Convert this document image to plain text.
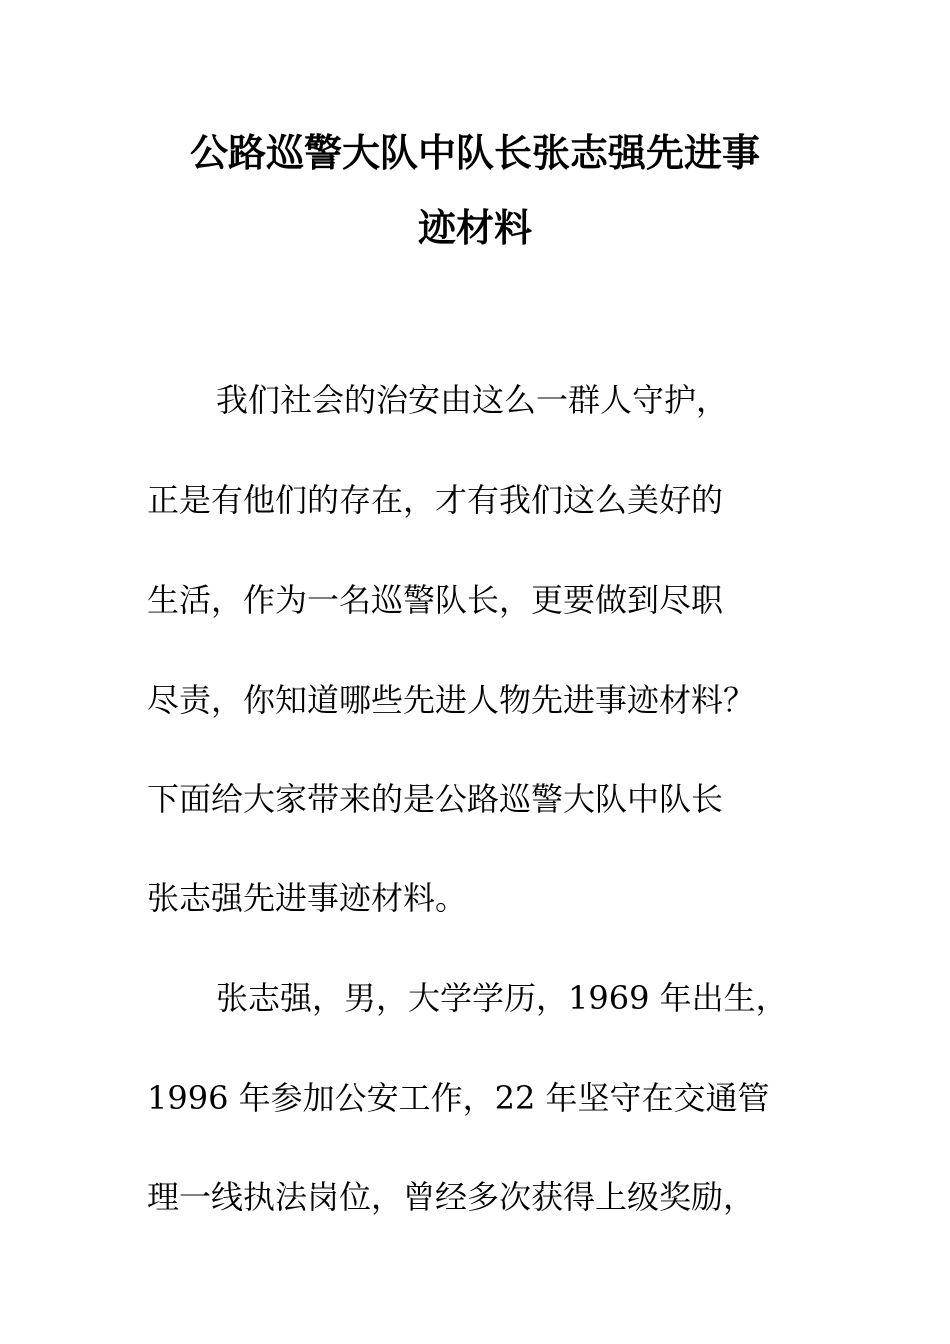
公路巡警大队中队长张志强先进事
迹材料
我们社会的治安由这么一群人守护，
正是有他们的存在，才有我们这么美好的
生活，作为一名巡警队长，更要做到尽职
尽责，你知道哪些先进人物先进事迹材料？
下面给大家带来的是公路巡警大队中队长
张志强先进事迹材料。
张志强，男，大学学历，1969 年出生，
1996 年参加公安工作，22 年坚守在交通管
理一线执法岗位，曾经多次获得上级奖励，
